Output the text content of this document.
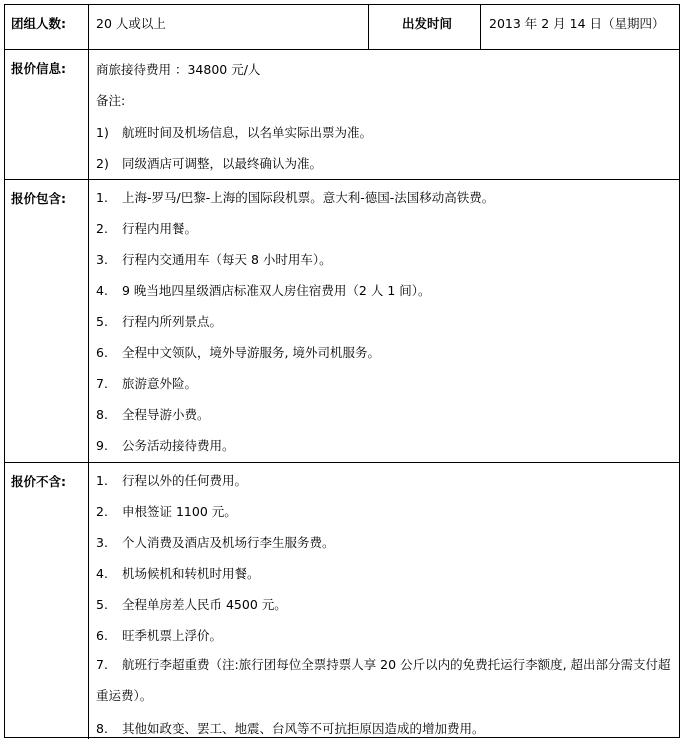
团组人数:	20 人或以上	出发时间	2013 年 2 月 14 日（星期四）
报价信息:	商旅接待费用 ：34800 元/人
备注:
1) 航班时间及机场信息，以名单实际出票为准。
2) 同级酒店可调整，以最终确认为准。
报价包含:	1. 上海-罗马/巴黎-上海的国际段机票。意大利-德国-法国移动高铁费。
2. 行程内用餐。
3. 行程内交通用车（每天 8 小时用车）。
4. 9 晚当地四星级酒店标准双人房住宿费用（2 人 1 间）。
5. 行程内所列景点。
6. 全程中文领队，境外导游服务, 境外司机服务。
7. 旅游意外险。
8. 全程导游小费。
9. 公务活动接待费用。
报价不含:	1. 行程以外的任何费用。
2. 申根签证 1100 元。
3. 个人消费及酒店及机场行李生服务费。
4. 机场候机和转机时用餐。
5. 全程单房差人民币 4500 元。
6. 旺季机票上浮价。
7. 航班行李超重费（注:旅行团每位全票持票人享 20 公斤以内的免费托运行李额度, 超出部分需支付超重运费）。
8. 其他如政变、罢工、地震、台风等不可抗拒原因造成的增加费用。
